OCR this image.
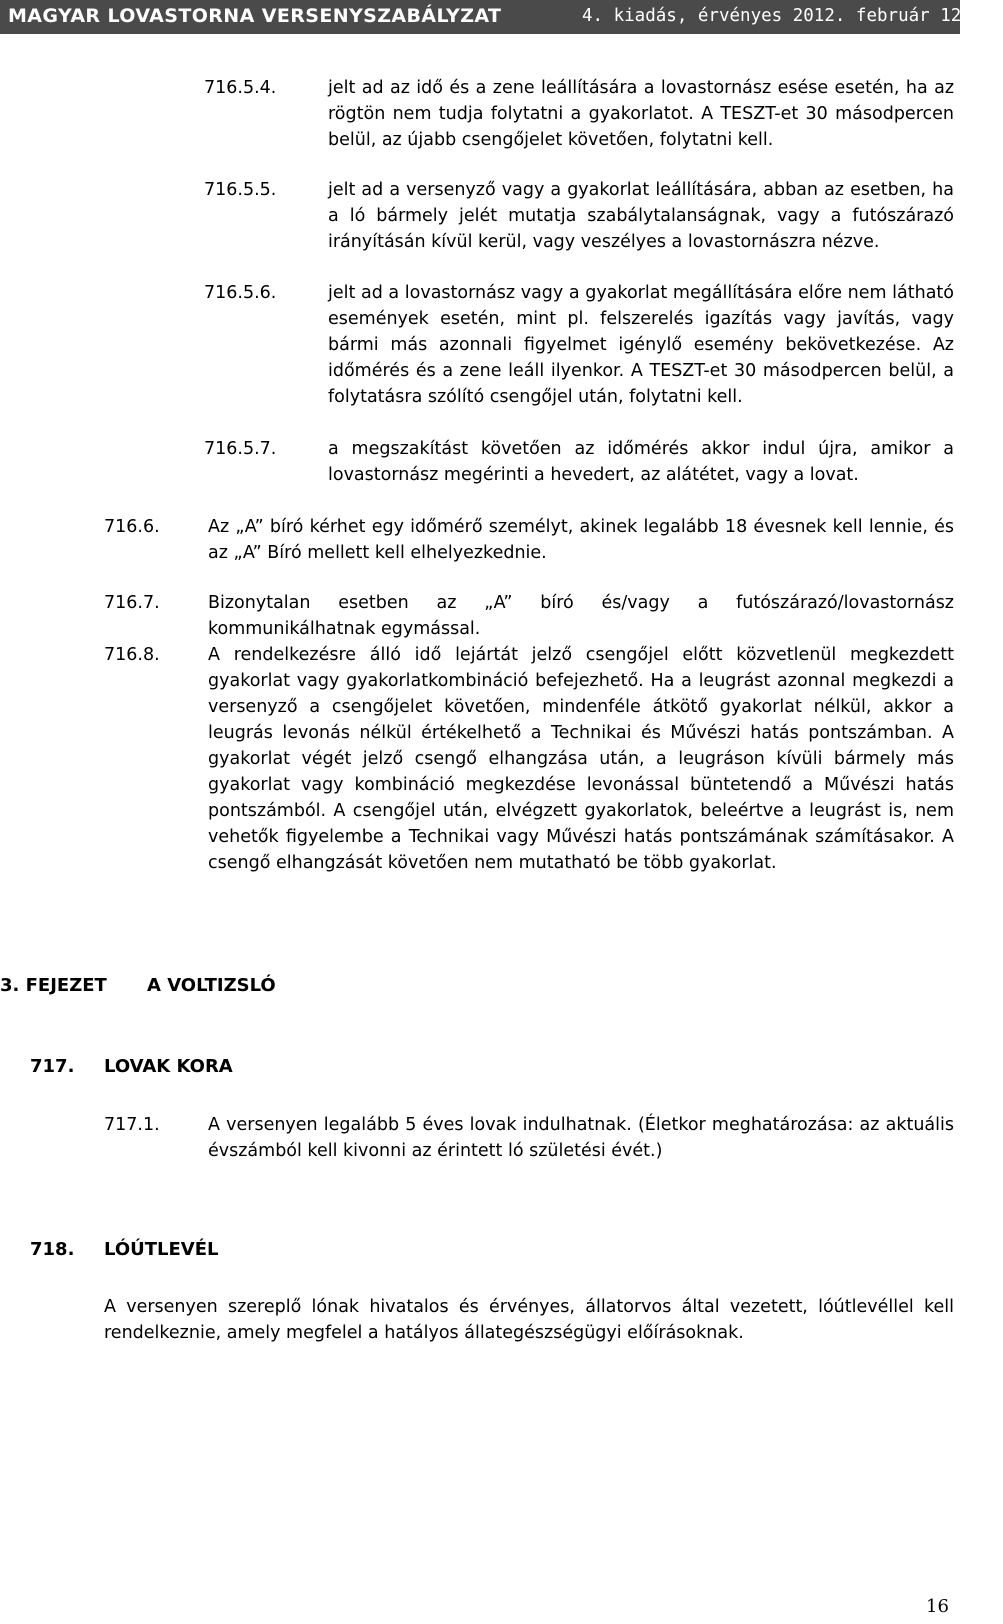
MAGYAR LOVASTORNA VERSENYSZABÁLYZAT	4. kiadás, érvényes 2012. február 12-től
716.5.4.	jelt ad az idő és a zene leállítására a lovastornász esése esetén, ha az rögtön nem tudja folytatni a gyakorlatot. A TESZT-et 30 másodpercen belül, az újabb csengőjelet követően, folytatni kell.

716.5.5.	jelt ad a versenyző vagy a gyakorlat leállítására, abban az esetben, ha a ló bármely jelét mutatja szabálytalanságnak, vagy a futószárazó irányításán kívül kerül, vagy veszélyes a lovastornászra nézve.

716.5.6.	jelt ad a lovastornász vagy a gyakorlat megállítására előre nem látható események esetén, mint pl. felszerelés igazítás vagy javítás, vagy bármi más azonnali figyelmet igénylő esemény bekövetkezése. Az időmérés és a zene leáll ilyenkor. A TESZT-et 30 másodpercen belül, a folytatásra szólító csengőjel után, folytatni kell.

716.5.7.	a megszakítást követően az időmérés akkor indul újra, amikor a lovastornász megérinti a hevedert, az alátétet, vagy a lovat.

716.6.	Az „A” bíró kérhet egy időmérő személyt, akinek legalább 18 évesnek kell lennie, és az „A” Bíró mellett kell elhelyezkednie.

716.7.	Bizonytalan esetben az „A” bíró és/vagy a futószárazó/lovastornász kommunikálhatnak egymással.

716.8.	A rendelkezésre álló idő lejártát jelző csengőjel előtt közvetlenül megkezdett gyakorlat vagy gyakorlatkombináció befejezhető. Ha a leugrást azonnal megkezdi a versenyző a csengőjelet követően, mindenféle átkötő gyakorlat nélkül, akkor a leugrás levonás nélkül értékelhető a Technikai és Művészi hatás pontszámban. A gyakorlat végét jelző csengő elhangzása után, a leugráson kívüli bármely más gyakorlat vagy kombináció megkezdése levonással büntetendő a Művészi hatás pontszámból. A csengőjel után, elvégzett gyakorlatok, beleértve a leugrást is, nem vehetők figyelembe a Technikai vagy Művészi hatás pontszámának számításakor. A csengő elhangzását követően nem mutatható be több gyakorlat.

3. FEJEZET A VOLTIZSLÓ
717. LOVAK KORA
717.1.	A versenyen legalább 5 éves lovak indulhatnak. (Életkor meghatározása: az aktuális évszámból kell kivonni az érintett ló születési évét.)

718. LÓÚTLEVÉL

A versenyen szereplő lónak hivatalos és érvényes, állatorvos által vezetett, lóútlevéllel kell rendelkeznie, amely megfelel a hatályos állategészségügyi előírásoknak.

16
